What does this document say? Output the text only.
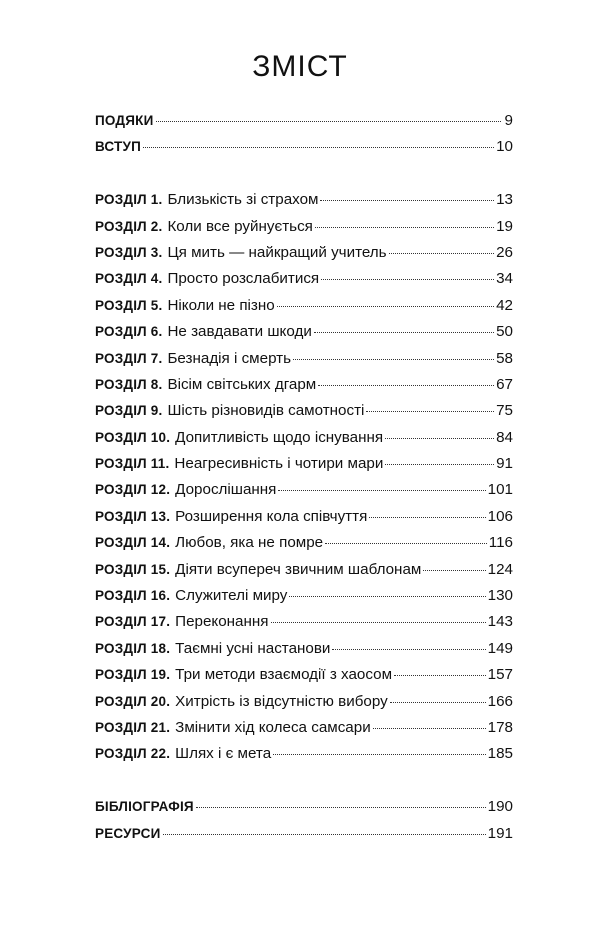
ЗМІСТ
ПОДЯКИ	9
ВСТУП	10
РОЗДІЛ 1. Близькість зі страхом	13
РОЗДІЛ 2. Коли все руйнується	19
РОЗДІЛ 3. Ця мить — найкращий учитель	26
РОЗДІЛ 4. Просто розслабитися	34
РОЗДІЛ 5. Ніколи не пізно	42
РОЗДІЛ 6. Не завдавати шкоди	50
РОЗДІЛ 7. Безнадія і смерть	58
РОЗДІЛ 8. Вісім світських дгарм	67
РОЗДІЛ 9. Шість різновидів самотності	75
РОЗДІЛ 10. Допитливість щодо існування	84
РОЗДІЛ 11. Неагресивність і чотири мари	91
РОЗДІЛ 12. Дорослішання	101
РОЗДІЛ 13. Розширення кола співчуття	106
РОЗДІЛ 14. Любов, яка не помре	116
РОЗДІЛ 15. Діяти всупереч звичним шаблонам	124
РОЗДІЛ 16. Служителі миру	130
РОЗДІЛ 17. Переконання	143
РОЗДІЛ 18. Таємні усні настанови	149
РОЗДІЛ 19. Три методи взаємодії з хаосом	157
РОЗДІЛ 20. Хитрість із відсутністю вибору	166
РОЗДІЛ 21. Змінити хід колеса самсари	178
РОЗДІЛ 22. Шлях і є мета	185
БІБЛІОГРАФІЯ	190
РЕСУРСИ	191
